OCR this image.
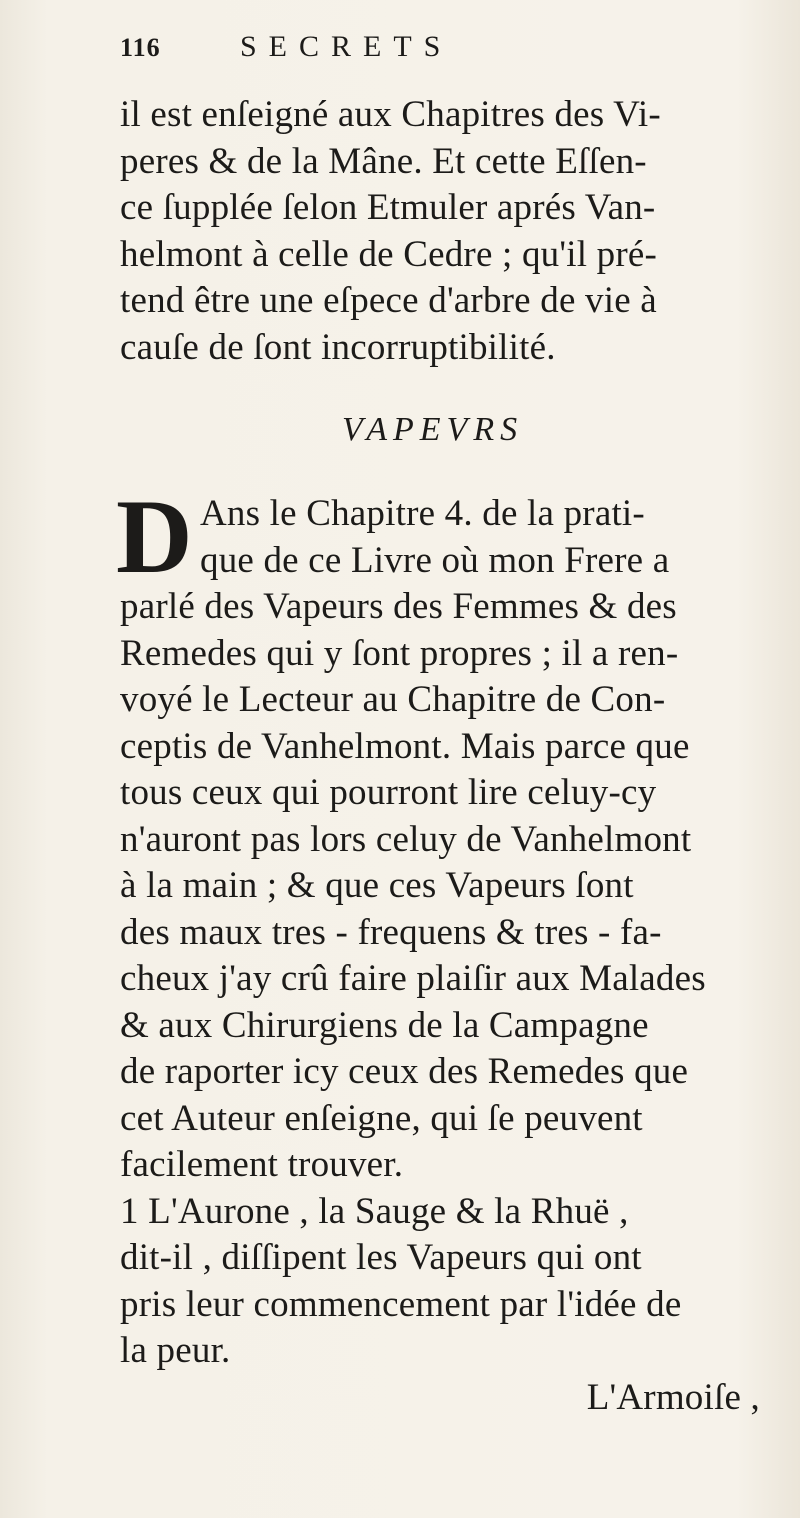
116	SECRETS
il est enſeigné aux Chapitres des Vi-
peres & de la Mâne. Et cette Eſſen-
ce ſupplée ſelon Etmuler aprés Van-
helmont à celle de Cedre ; qu'il pré-
tend être une eſpece d'arbre de vie à
cauſe de ſont incorruptibilité.
VAPEVRS
D Ans le Chapitre 4. de la prati-
que de ce Livre où mon Frere a
parlé des Vapeurs des Femmes & des
Remedes qui y ſont propres ; il a ren-
voyé le Lecteur au Chapitre de Con-
ceptis de Vanhelmont. Mais parce que
tous ceux qui pourront lire celuy-cy
n'auront pas lors celuy de Vanhelmont
à la main ; & que ces Vapeurs ſont
des maux tres - frequens & tres - fa-
cheux j'ay crû faire plaiſir aux Malades
& aux Chirurgiens de la Campagne
de raporter icy ceux des Remedes que
cet Auteur enſeigne, qui ſe peuvent
facilement trouver.
1 L'Aurone , la Sauge & la Rhuë ,
dit-il , diſſipent les Vapeurs qui ont
pris leur commencement par l'idée de
la peur.
L'Armoiſe ,
